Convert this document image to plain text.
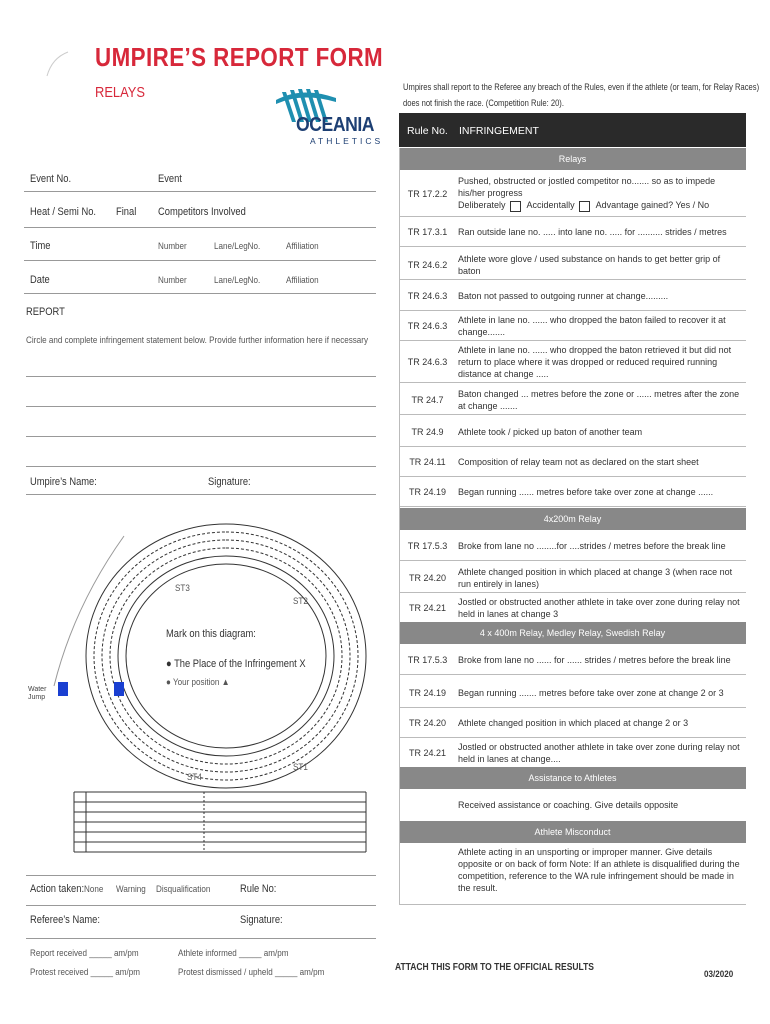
UMPIRE’S REPORT FORM
RELAYS
OCEANIA
ATHLETICS
Umpires shall report to the Referee any breach of the Rules, even if the athlete (or team, for Relay Races)
does not finish the race. (Competition Rule: 20).
Event No.	Event
Heat / Semi No. Final Competitors Involved
Time	Number	Lane/LegNo.	Affiliation
Date	Number	Lane/LegNo.	Affiliation
REPORT
Circle and complete infringement statement below. Provide further information here if necessary
Umpire’s Name:	Signature:
Water Jump
ST3
ST2
ST1
ST4
Mark on this diagram:
● The Place of the Infringement X
● Your position ▲
Action taken: None Warning Disqualification	Rule No:
Referee’s Name:	Signature:
Report received _____ am/pm
Protest received _____ am/pm
Athlete informed _____ am/pm
Protest dismissed / upheld _____ am/pm	ATTACH THIS FORM TO THE OFFICIAL RESULTS
03/2020
Rule No. INFRINGEMENT
Relays
TR 17.2.2
Pushed, obstructed or jostled competitor no....... so as to impede his/her progress
Deliberately Accidentally Advantage gained? Yes / No
TR 17.3.1	Ran outside lane no. ..... into lane no. ..... for .......... strides / metres
TR 24.6.2
Athlete wore glove / used substance on hands to get better grip of baton
TR 24.6.3	Baton not passed to outgoing runner at change.........
TR 24.6.3
Athlete in lane no. ...... who dropped the baton failed to recover it at change.......
TR 24.6.3
Athlete in lane no. ...... who dropped the baton retrieved it but did not return to place where it was dropped or reduced required running distance at change .....
TR 24.7
Baton changed ... metres before the zone or ...... metres after the zone at change .......
TR 24.9	Athlete took / picked up baton of another team
TR 24.11	Composition of relay team not as declared on the start sheet
TR 24.19	Began running ...... metres before take over zone at change ......
4x200m Relay
TR 17.5.3	Broke from lane no ........for ....strides / metres before the break line
TR 24.20
Athlete changed position in which placed at change 3 (when race not run entirely in lanes)
TR 24.21
Jostled or obstructed another athlete in take over zone during relay not held in lanes at change 3
4 x 400m Relay, Medley Relay, Swedish Relay
TR 17.5.3	Broke from lane no ...... for ...... strides / metres before the break line
TR 24.19	Began running ....... metres before take over zone at change 2 or 3
TR 24.20	Athlete changed position in which placed at change 2 or 3
TR 24.21
Jostled or obstructed another athlete in take over zone during relay not held in lanes at change....
Assistance to Athletes
Received assistance or coaching. Give details opposite
Athlete Misconduct
Athlete acting in an unsporting or improper manner. Give details opposite or on back of form Note: If an athlete is disqualified during the competition, reference to the WA rule infringement should be made in the result.
